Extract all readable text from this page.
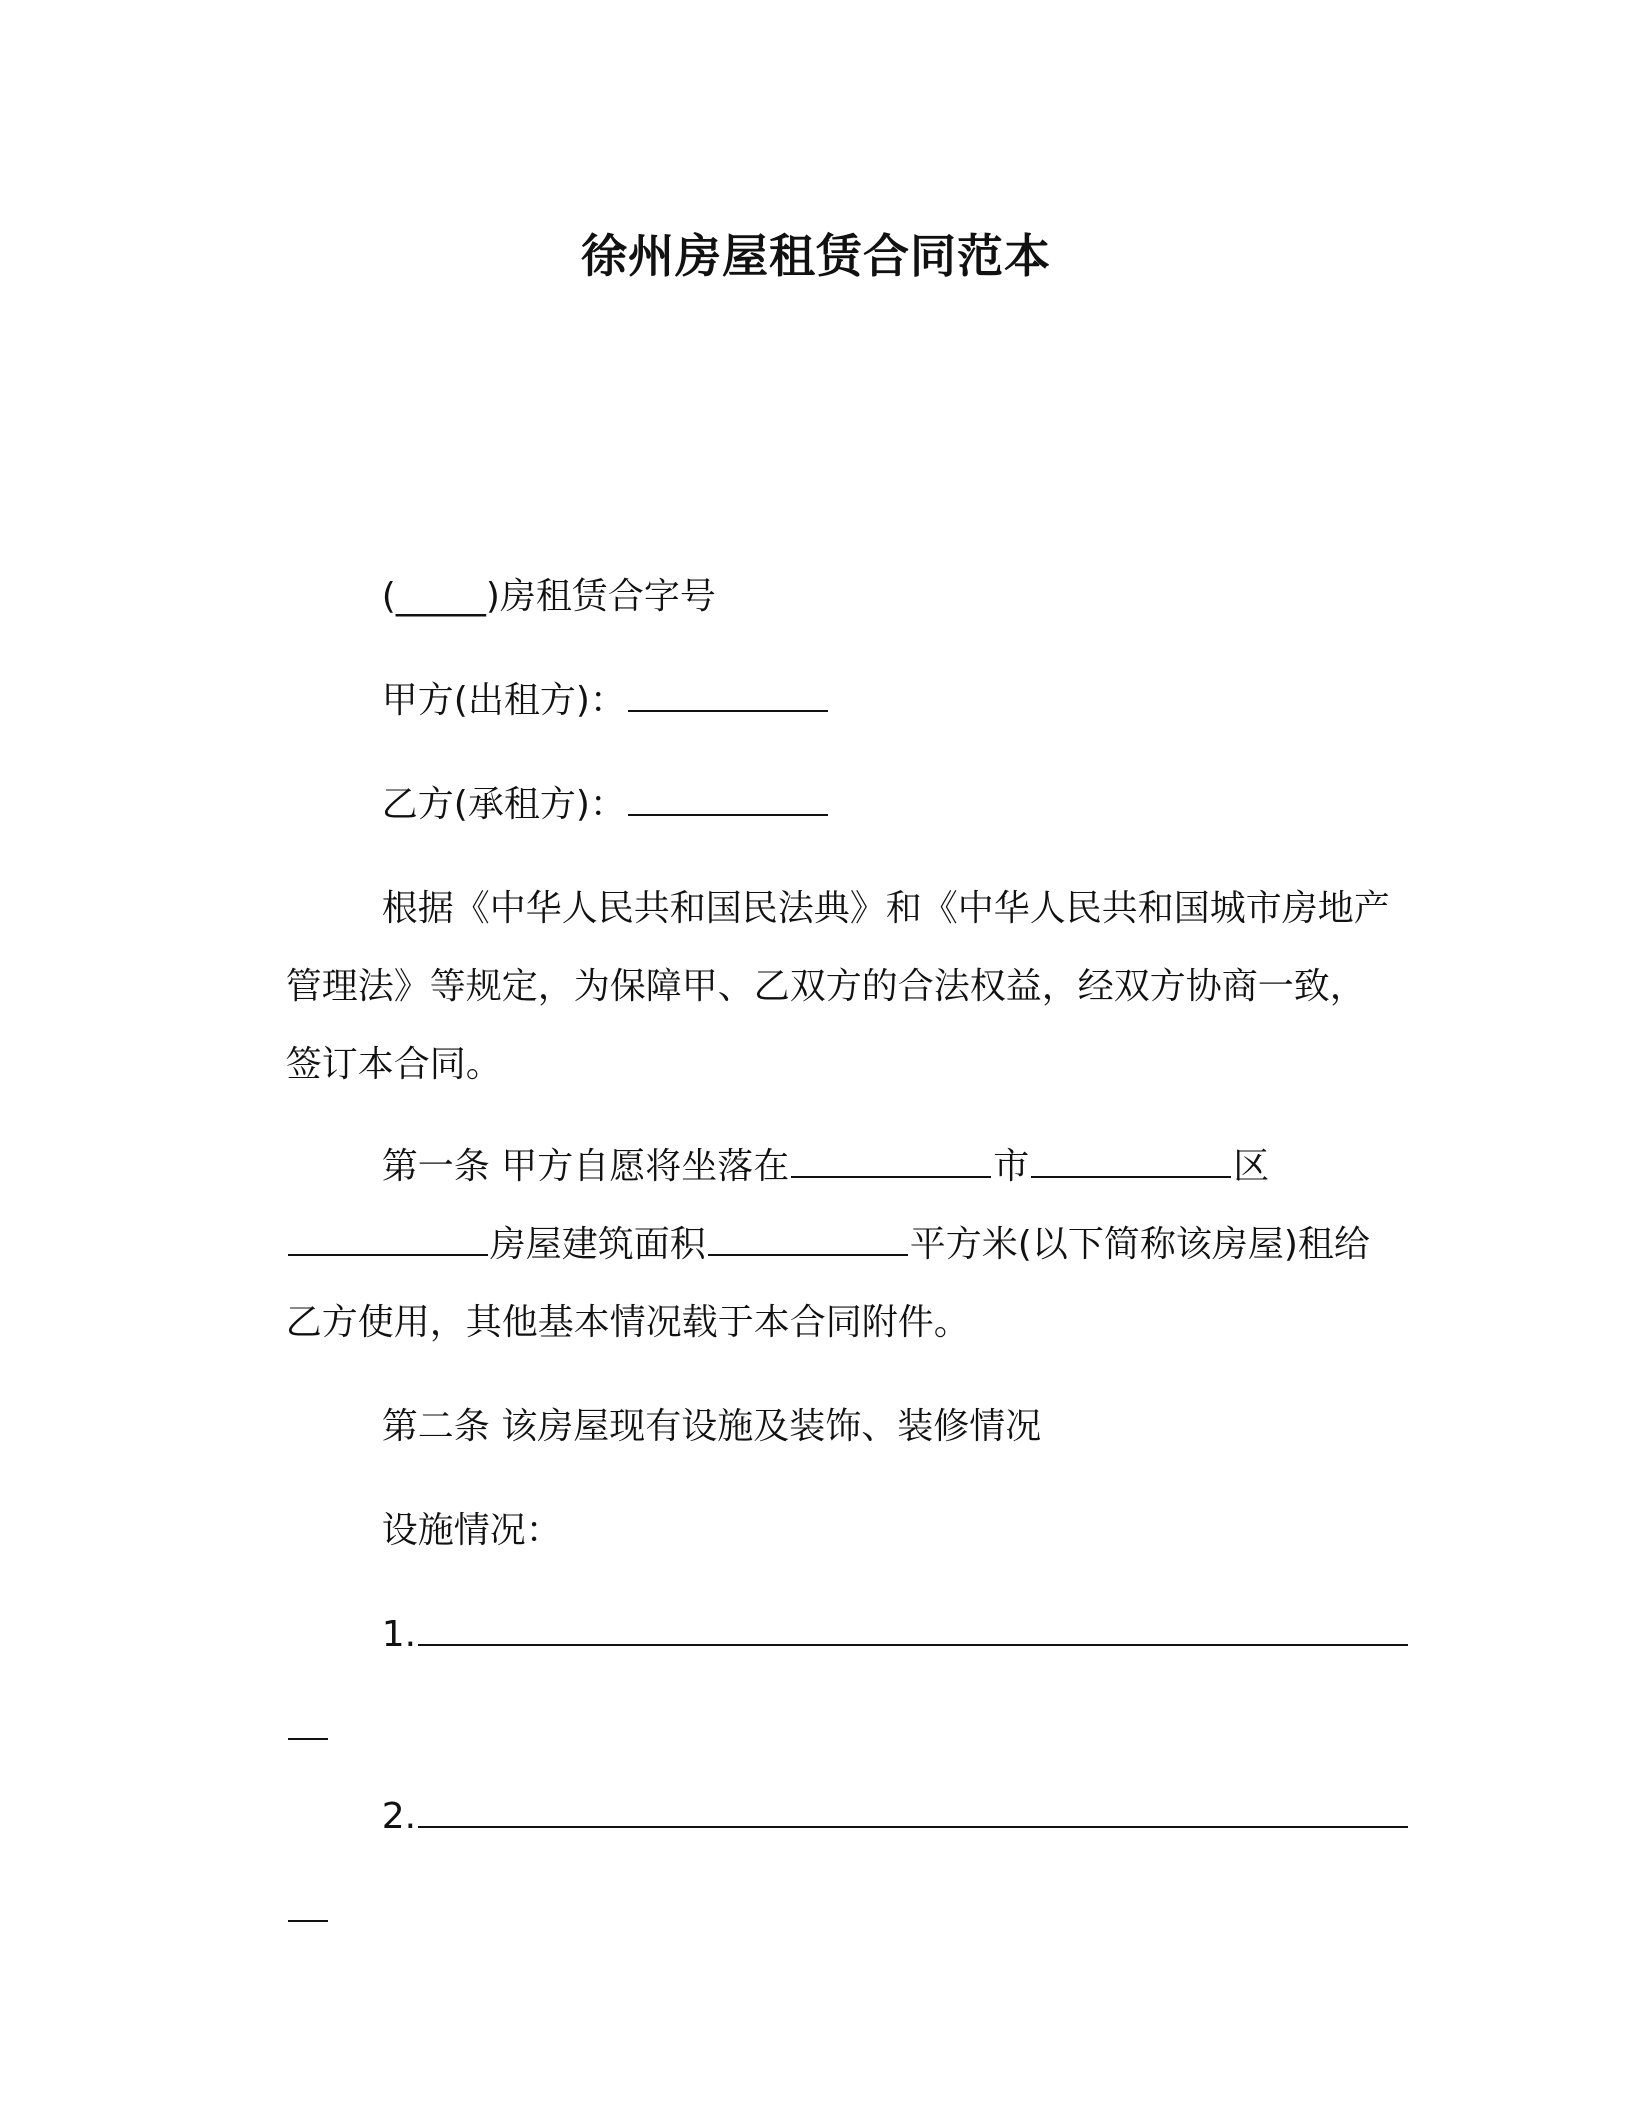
徐州房屋租赁合同范本

(_____)房租赁合字号

甲方(出租方)：

乙方(承租方)：

根据《中华人民共和国民法典》和《中华人民共和国城市房地产

管理法》等规定，为保障甲、乙双方的合法权益，经双方协商一致，

签订本合同。

第一条 甲方自愿将坐落在	市	区

房屋建筑面积	平方米(以下简称该房屋)租给

乙方使用，其他基本情况载于本合同附件。

第二条 该房屋现有设施及装饰、装修情况

设施情况：

1.

2.
